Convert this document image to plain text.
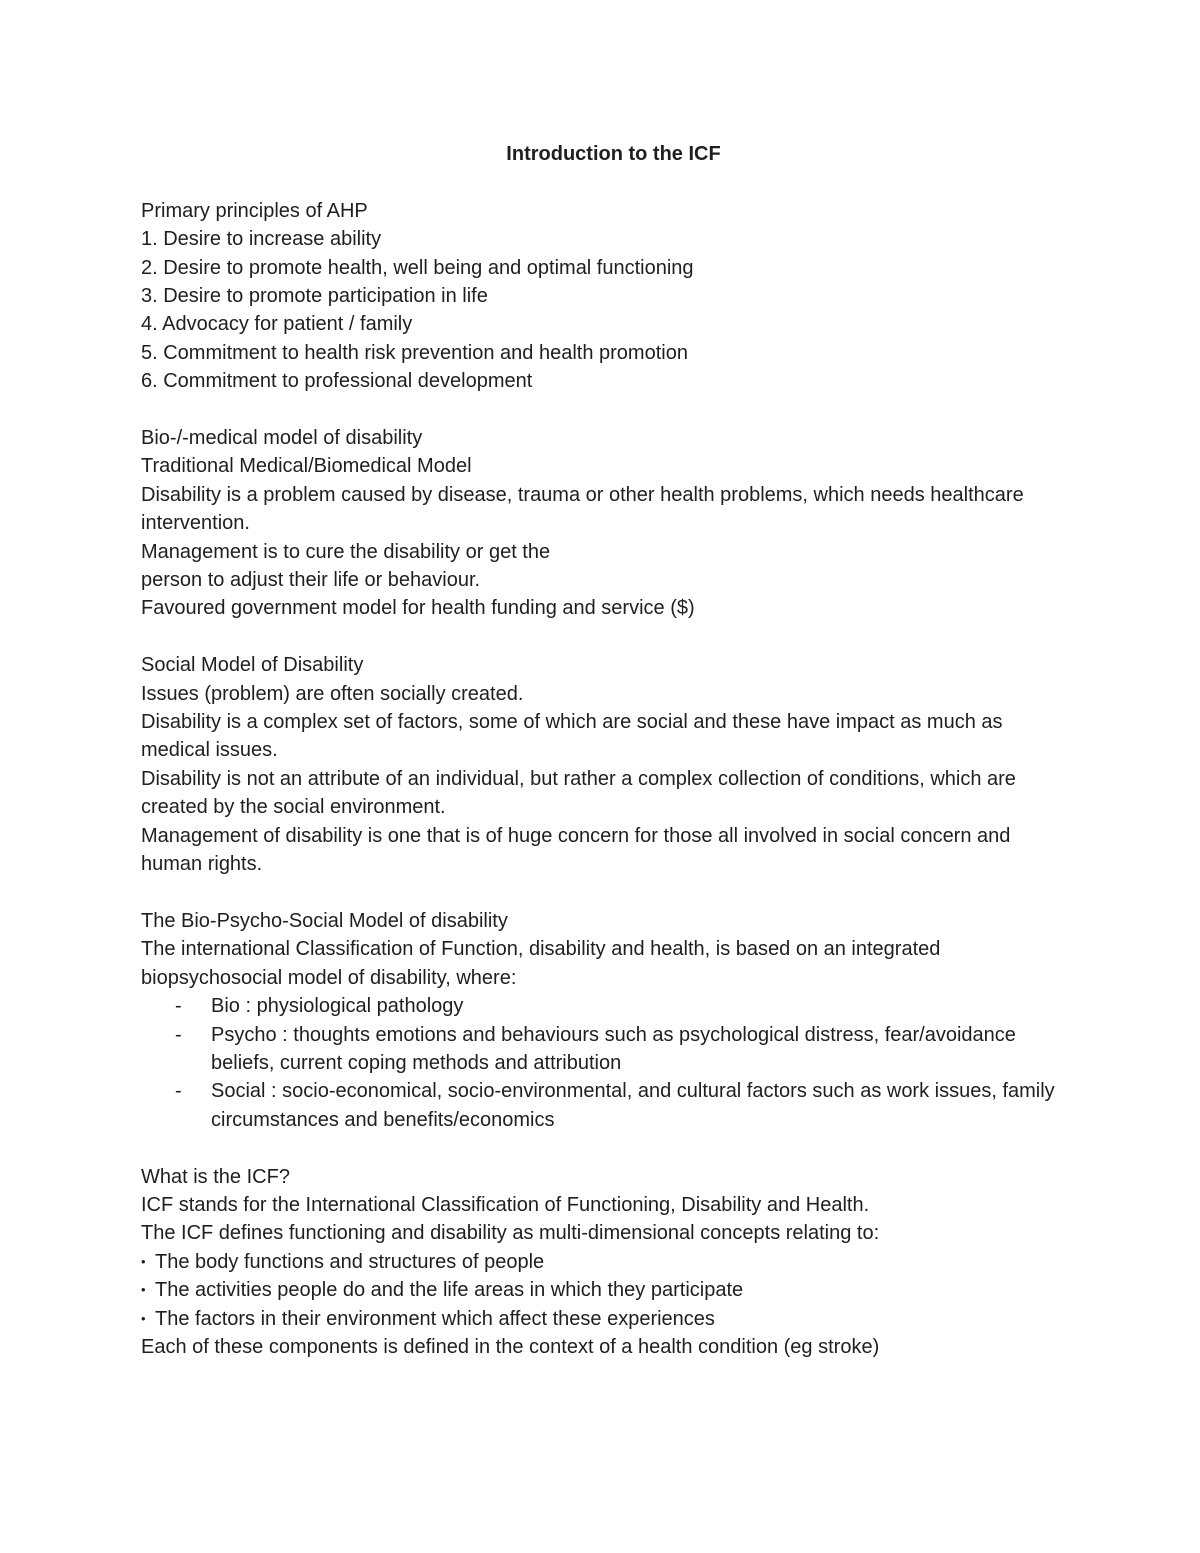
Introduction to the ICF
Primary principles of AHP
1. Desire to increase ability
2. Desire to promote health, well being and optimal functioning
3. Desire to promote participation in life
4. Advocacy for patient / family
5. Commitment to health risk prevention and health promotion
6. Commitment to professional development
Bio-/-medical model of disability
Traditional Medical/Biomedical Model
Disability is a problem caused by disease, trauma or other health problems, which needs healthcare intervention.
Management is to cure the disability or get the
person to adjust their life or behaviour.
Favoured government model for health funding and service ($)
Social Model of Disability
Issues (problem) are often socially created.
Disability is a complex set of factors, some of which are social and these have impact as much as medical issues.
Disability is not an attribute of an individual, but rather a complex collection of conditions, which are created by the social environment.
Management of disability is one that is of huge concern for those all involved in social concern and human rights.
The Bio-Psycho-Social Model of disability
The international Classification of Function, disability and health, is based on an integrated biopsychosocial model of disability, where:
- Bio : physiological pathology
- Psycho : thoughts emotions and behaviours such as psychological distress, fear/avoidance beliefs, current coping methods and attribution
- Social : socio-economical, socio-environmental, and cultural factors such as work issues, family circumstances and benefits/economics
What is the ICF?
ICF stands for the International Classification of Functioning, Disability and Health.
The ICF defines functioning and disability as multi-dimensional concepts relating to:
• The body functions and structures of people
• The activities people do and the life areas in which they participate
• The factors in their environment which affect these experiences
Each of these components is defined in the context of a health condition (eg stroke)
